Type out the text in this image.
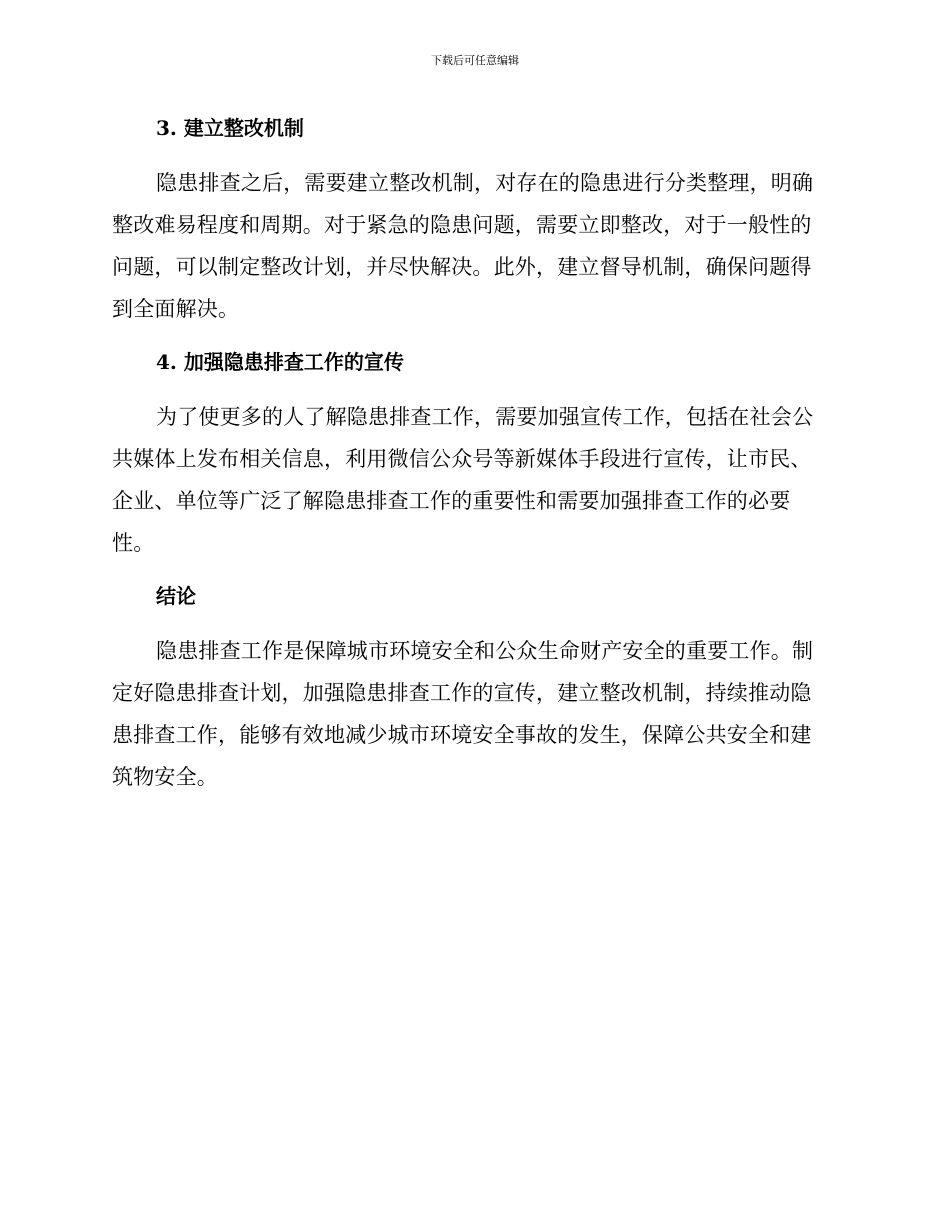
下载后可任意编辑
3. 建立整改机制

隐患排查之后，需要建立整改机制，对存在的隐患进行分类整理，明确整改难易程度和周期。对于紧急的隐患问题，需要立即整改，对于一般性的问题，可以制定整改计划，并尽快解决。此外，建立督导机制，确保问题得到全面解决。

4. 加强隐患排查工作的宣传

为了使更多的人了解隐患排查工作，需要加强宣传工作，包括在社会公共媒体上发布相关信息，利用微信公众号等新媒体手段进行宣传，让市民、企业、单位等广泛了解隐患排查工作的重要性和需要加强排查工作的必要性。

结论

隐患排查工作是保障城市环境安全和公众生命财产安全的重要工作。制定好隐患排查计划，加强隐患排查工作的宣传，建立整改机制，持续推动隐患排查工作，能够有效地减少城市环境安全事故的发生，保障公共安全和建筑物安全。
